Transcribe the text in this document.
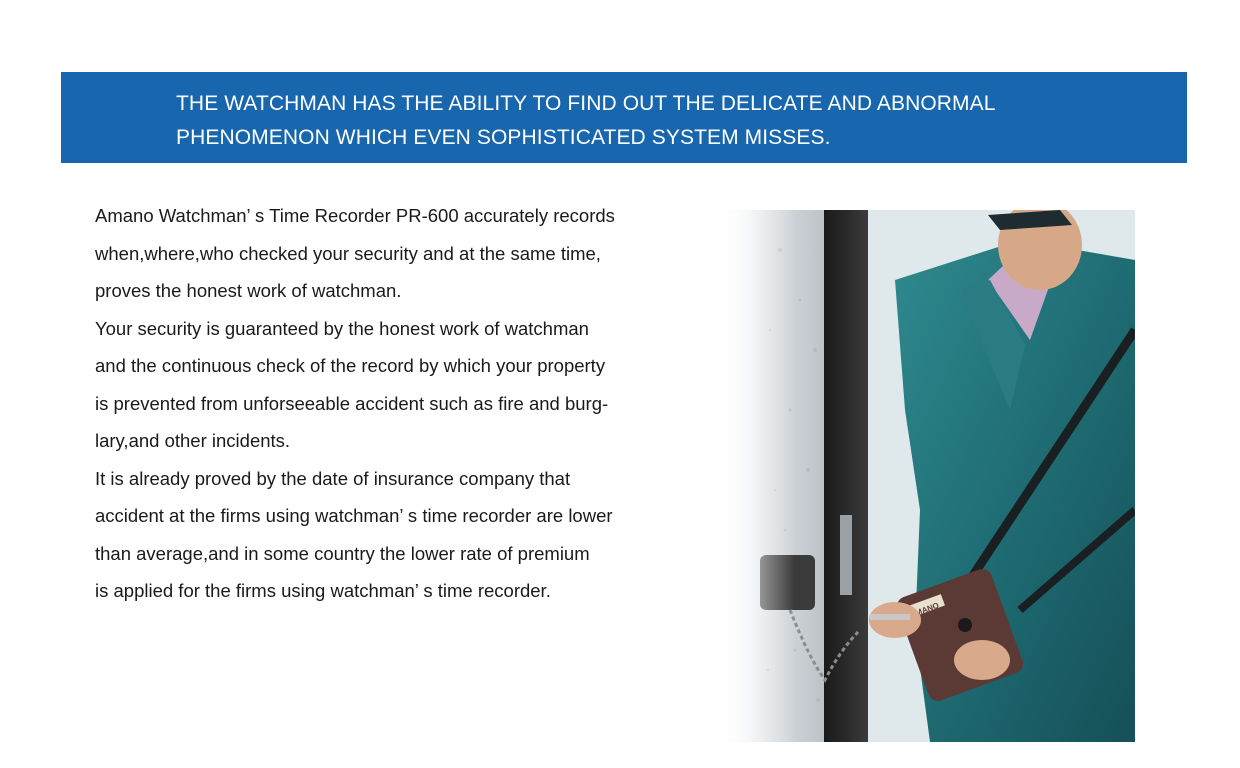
THE WATCHMAN HAS THE ABILITY TO FIND OUT THE DELICATE AND ABNORMAL
PHENOMENON WHICH EVEN SOPHISTICATED SYSTEM MISSES.
Amano Watchman’ s Time Recorder PR-600 accurately records
when,where,who checked your security and at the same time,
proves the honest work of watchman.
Your security is guaranteed by the honest work of watchman
and the continuous check of the record by which your property
is prevented from unforseeable accident such as fire and burg-
lary,and other incidents.
It is already proved by the date of insurance company that
accident at the firms using watchman’ s time recorder are lower
than average,and in some country the lower rate of premium
is applied for the firms using watchman’ s time recorder.
